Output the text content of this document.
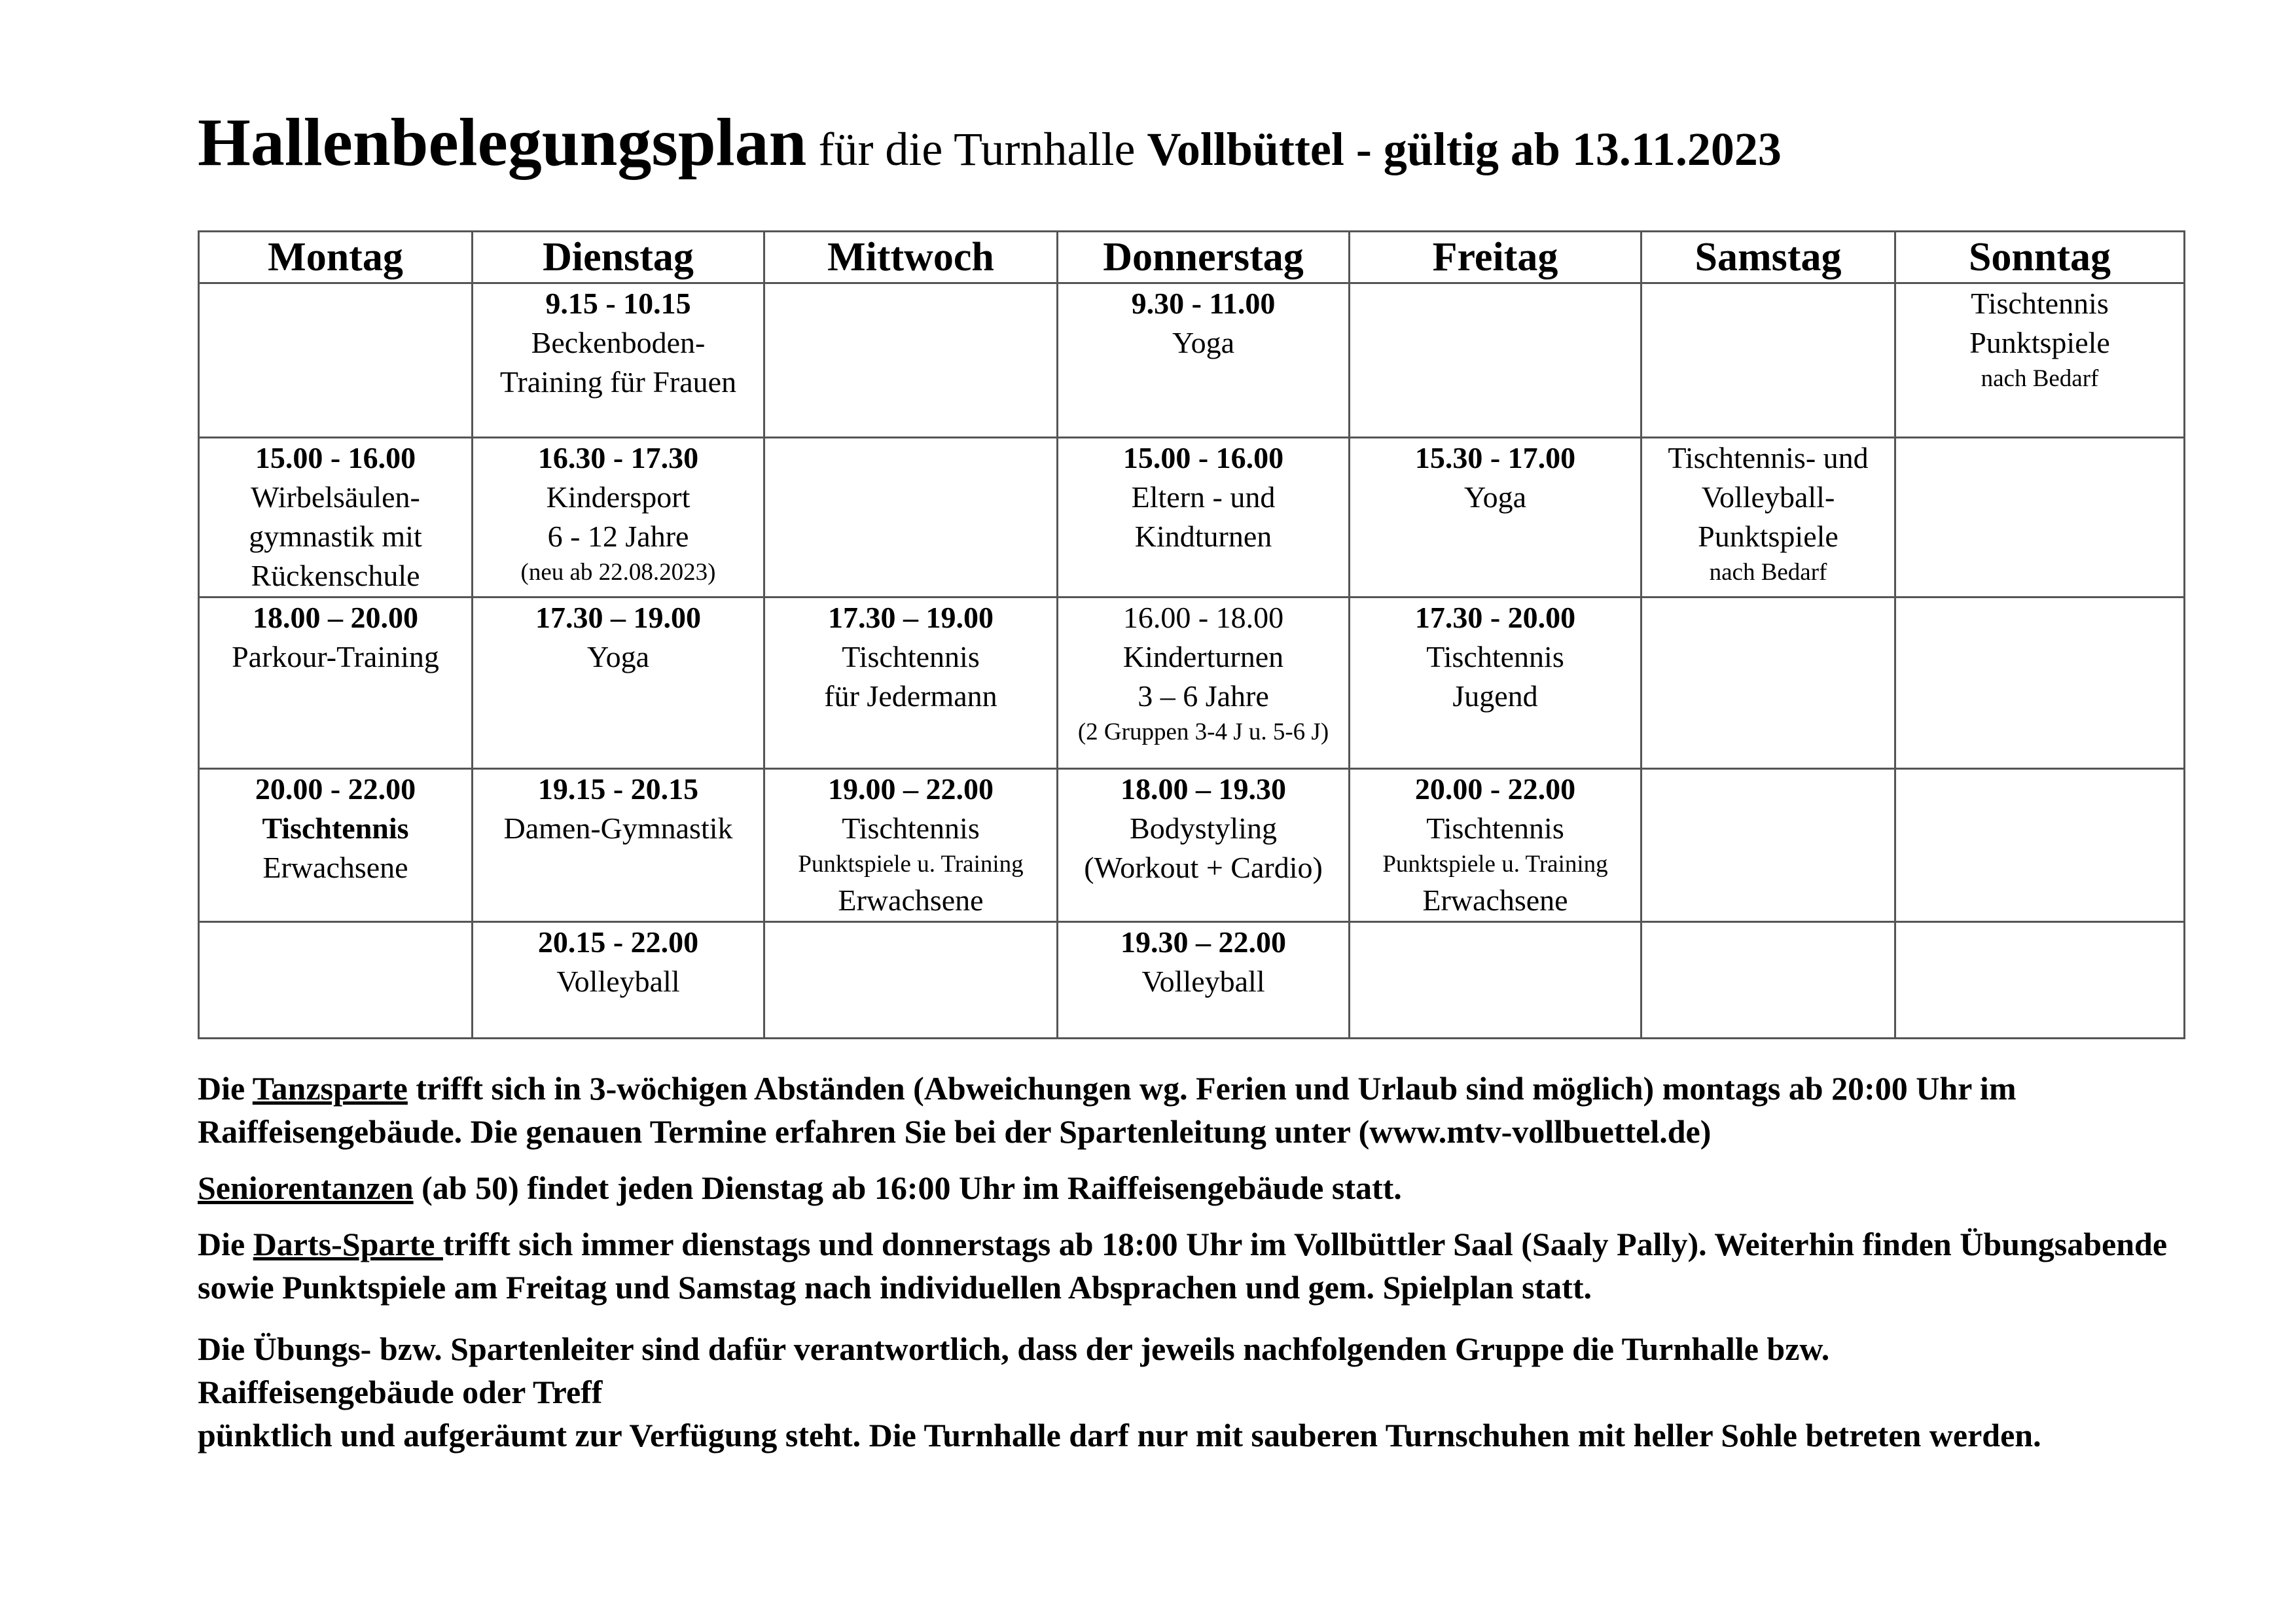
Hallenbelegungsplan für die Turnhalle Vollbüttel - gültig ab 13.11.2023
Montag	Dienstag	Mittwoch	Donnerstag	Freitag	Samstag	Sonntag

	9.15 - 10.15
Beckenboden-
Training für Frauen		9.30 - 11.00
Yoga			Tischtennis
Punktspiele
nach Bedarf

15.00 - 16.00
Wirbelsäulen-
gymnastik mit
Rückenschule	16.30 - 17.30
Kindersport
6 - 12 Jahre
(neu ab 22.08.2023)		15.00 - 16.00
Eltern - und
Kindturnen	15.30 - 17.00
Yoga	Tischtennis- und
Volleyball-
Punktspiele
nach Bedarf	

18.00 – 20.00
Parkour-Training	17.30 – 19.00
Yoga	17.30 – 19.00
Tischtennis
für Jedermann	16.00 - 18.00
Kinderturnen
3 – 6 Jahre
(2 Gruppen 3-4 J u. 5-6 J)	17.30 - 20.00
Tischtennis
Jugend		

20.00 - 22.00
Tischtennis
Erwachsene	19.15 - 20.15
Damen-Gymnastik	19.00 – 22.00
Tischtennis
Punktspiele u. Training
Erwachsene	18.00 – 19.30
Bodystyling
(Workout + Cardio)	20.00 - 22.00
Tischtennis
Punktspiele u. Training
Erwachsene		

	20.15 - 22.00
Volleyball		19.30 – 22.00
Volleyball			

Die Tanzsparte trifft sich in 3-wöchigen Abständen (Abweichungen wg. Ferien und Urlaub sind möglich) montags ab 20:00 Uhr im Raiffeisengebäude. Die genauen Termine erfahren Sie bei der Spartenleitung unter (www.mtv-vollbuettel.de)

Seniorentanzen (ab 50) findet jeden Dienstag ab 16:00 Uhr im Raiffeisengebäude statt.

Die Darts-Sparte trifft sich immer dienstags und donnerstags ab 18:00 Uhr im Vollbüttler Saal (Saaly Pally). Weiterhin finden Übungsabende sowie Punktspiele am Freitag und Samstag nach individuellen Absprachen und gem. Spielplan statt.

Die Übungs- bzw. Spartenleiter sind dafür verantwortlich, dass der jeweils nachfolgenden Gruppe die Turnhalle bzw.
Raiffeisengebäude oder Treff
pünktlich und aufgeräumt zur Verfügung steht. Die Turnhalle darf nur mit sauberen Turnschuhen mit heller Sohle betreten werden.
